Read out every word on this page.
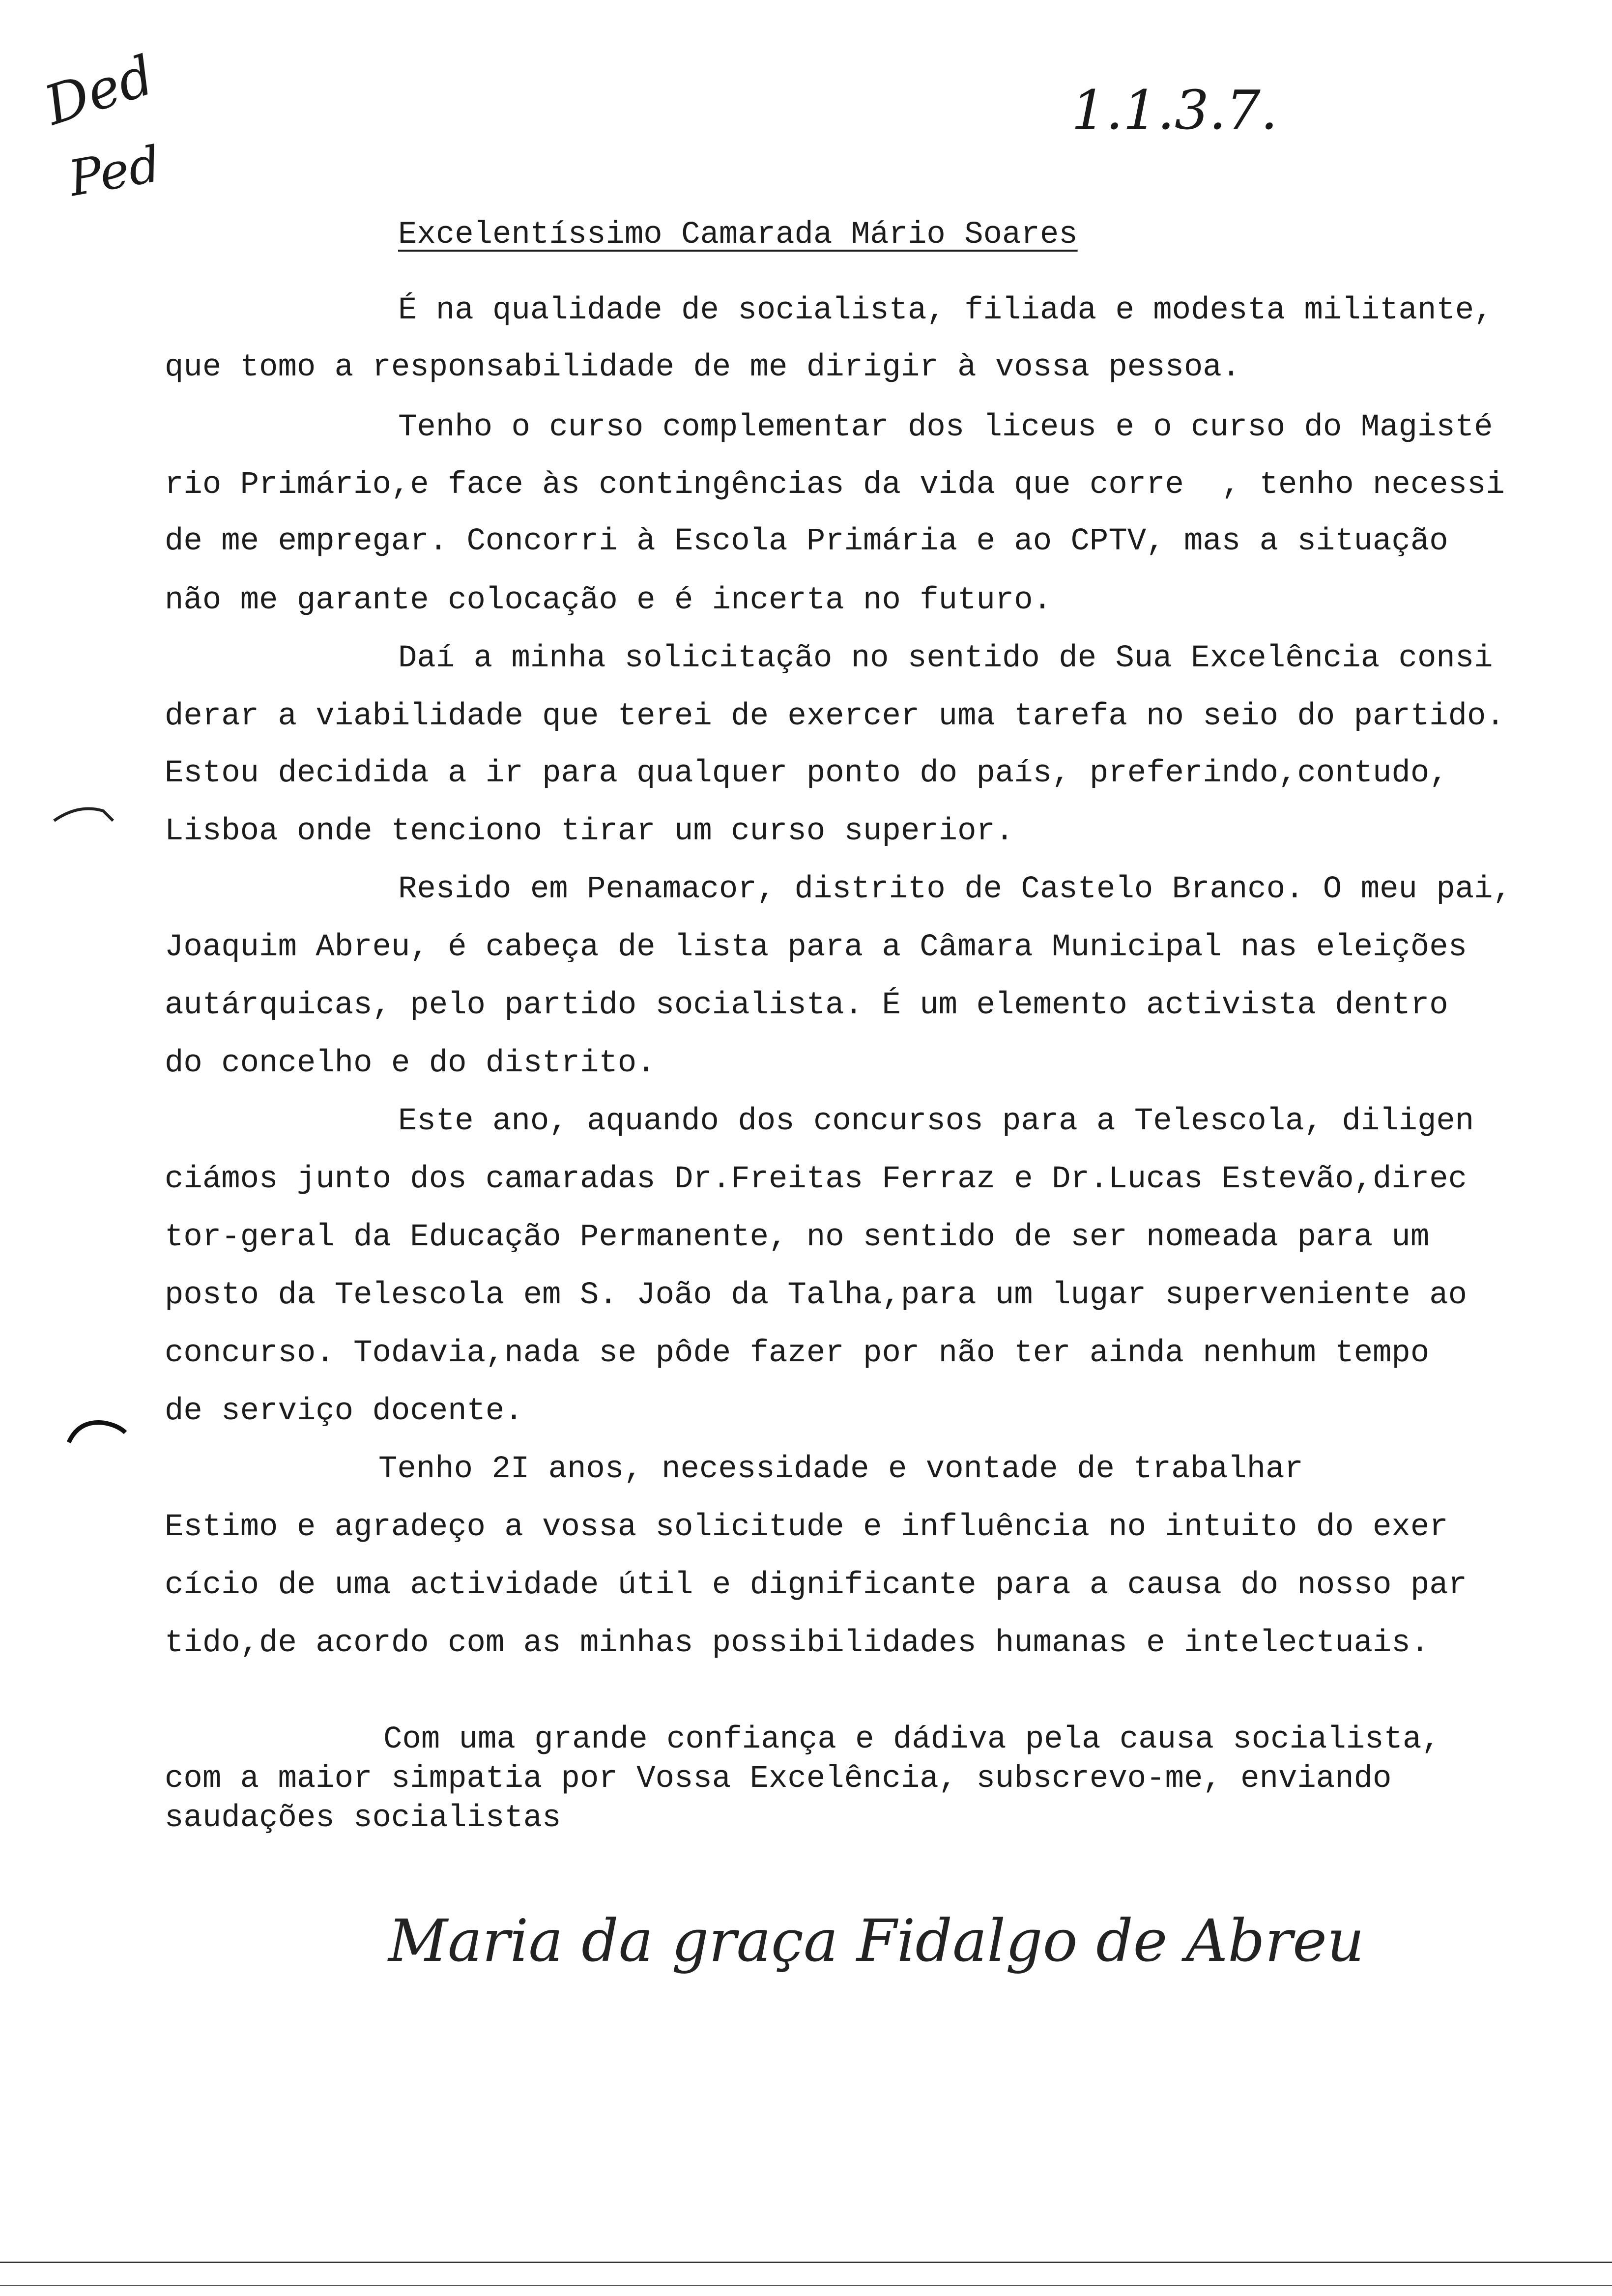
Ded
Ped
1.1.3.7.
Excelentíssimo Camarada Mário Soares
É na qualidade de socialista, filiada e modesta militante,
que tomo a responsabilidade de me dirigir à vossa pessoa.
Tenho o curso complementar dos liceus e o curso do Magisté
rio Primário,e face às contingências da vida que corre  , tenho necessi
de me empregar. Concorri à Escola Primária e ao CPTV, mas a situação
não me garante colocação e é incerta no futuro.
Daí a minha solicitação no sentido de Sua Excelência consi
derar a viabilidade que terei de exercer uma tarefa no seio do partido.
Estou decidida a ir para qualquer ponto do país, preferindo,contudo,
Lisboa onde tenciono tirar um curso superior.
Resido em Penamacor, distrito de Castelo Branco. O meu pai,
Joaquim Abreu, é cabeça de lista para a Câmara Municipal nas eleições
autárquicas, pelo partido socialista. É um elemento activista dentro
do concelho e do distrito.
Este ano, aquando dos concursos para a Telescola, diligen
ciámos junto dos camaradas Dr.Freitas Ferraz e Dr.Lucas Estevão,direc
tor-geral da Educação Permanente, no sentido de ser nomeada para um
posto da Telescola em S. João da Talha,para um lugar superveniente ao
concurso. Todavia,nada se pôde fazer por não ter ainda nenhum tempo
de serviço docente.
Tenho 2I anos, necessidade e vontade de trabalhar
Estimo e agradeço a vossa solicitude e influência no intuito do exer
cício de uma actividade útil e dignificante para a causa do nosso par
tido,de acordo com as minhas possibilidades humanas e intelectuais.
Com uma grande confiança e dádiva pela causa socialista,
com a maior simpatia por Vossa Excelência, subscrevo-me, enviando
saudações socialistas
Maria da graça Fidalgo de Abreu
